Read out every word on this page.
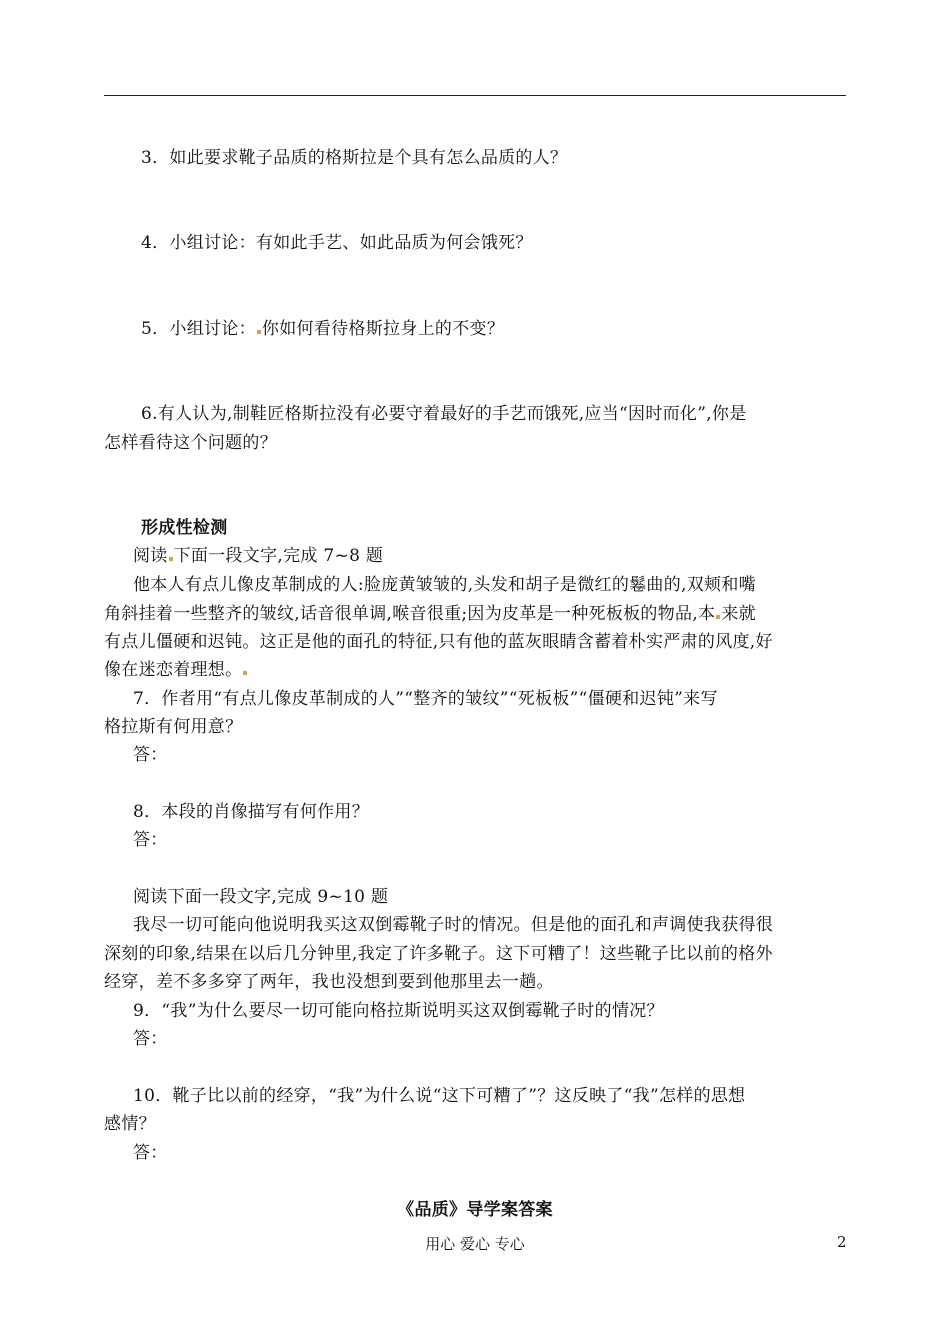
3．如此要求靴子品质的格斯拉是个具有怎么品质的人？
4．小组讨论：有如此手艺、如此品质为何会饿死？
5．小组讨论： 你如何看待格斯拉身上的不变？
6.有人认为,制鞋匠格斯拉没有必要守着最好的手艺而饿死,应当“因时而化”,你是
怎样看待这个问题的？
形成性检测
阅读 下面一段文字,完成 7~8 题
他本人有点儿像皮革制成的人:脸庞黄皱皱的,头发和胡子是微红的鬈曲的,双颊和嘴
角斜挂着一些整齐的皱纹,话音很单调,喉音很重;因为皮革是一种死板板的物品,本 来就
有点儿僵硬和迟钝。这正是他的面孔的特征,只有他的蓝灰眼睛含蓄着朴实严肃的风度,好
像在迷恋着理想。
7．作者用“有点儿像皮革制成的人”“整齐的皱纹”“死板板”“僵硬和迟钝”来写
格拉斯有何用意？
答：
8．本段的肖像描写有何作用？
答：
阅读下面一段文字,完成 9~10 题
我尽一切可能向他说明我买这双倒霉靴子时的情况。但是他的面孔和声调使我获得很
深刻的印象,结果在以后几分钟里,我定了许多靴子。这下可糟了！这些靴子比以前的格外
经穿，差不多多穿了两年，我也没想到要到他那里去一趟。
9．“我”为什么要尽一切可能向格拉斯说明买这双倒霉靴子时的情况？
答：
10．靴子比以前的经穿，“我”为什么说“这下可糟了”？这反映了“我”怎样的思想
感情？
答：
《品质》导学案答案
用心 爱心 专心	2
